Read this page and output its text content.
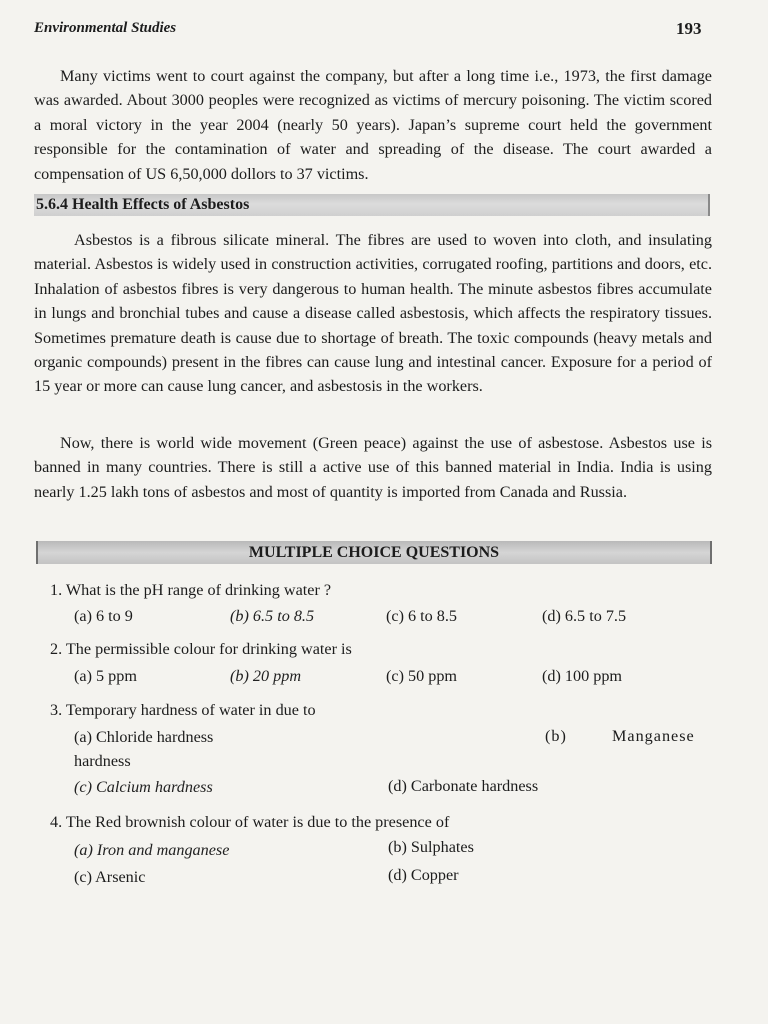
Environmental Studies	193

Many victims went to court against the company, but after a long time i.e., 1973, the first damage was awarded. About 3000 peoples were recognized as victims of mercury poisoning. The victim scored a moral victory in the year 2004 (nearly 50 years). Japan’s supreme court held the government responsible for the contamination of water and spreading of the disease. The court awarded a compensation of US 6,50,000 dollors to 37 victims.

5.6.4 Health Effects of Asbestos

Asbestos is a fibrous silicate mineral. The fibres are used to woven into cloth, and insulating material. Asbestos is widely used in construction activities, corrugated roofing, partitions and doors, etc. Inhalation of asbestos fibres is very dangerous to human health. The minute asbestos fibres accumulate in lungs and bronchial tubes and cause a disease called asbestosis, which affects the respiratory tissues. Sometimes premature death is cause due to shortage of breath. The toxic compounds (heavy metals and organic compounds) present in the fibres can cause lung and intestinal cancer. Exposure for a period of 15 year or more can cause lung cancer, and asbestosis in the workers.

Now, there is world wide movement (Green peace) against the use of asbestose. Asbestos use is banned in many countries. There is still a active use of this banned material in India. India is using nearly 1.25 lakh tons of asbestos and most of quantity is imported from Canada and Russia.

MULTIPLE CHOICE QUESTIONS
1. What is the pH range of drinking water ?
(a) 6 to 9	(b) 6.5 to 8.5	(c) 6 to 8.5	(d) 6.5 to 7.5
2. The permissible colour for drinking water is
(a) 5 ppm	(b) 20 ppm	(c) 50 ppm	(d) 100 ppm
3. Temporary hardness of water in due to
(a) Chloride hardness	(b)	Manganese
hardness
(c) Calcium hardness	(d) Carbonate hardness
4. The Red brownish colour of water is due to the presence of
(a) Iron and manganese	(b) Sulphates
(c) Arsenic	(d) Copper
